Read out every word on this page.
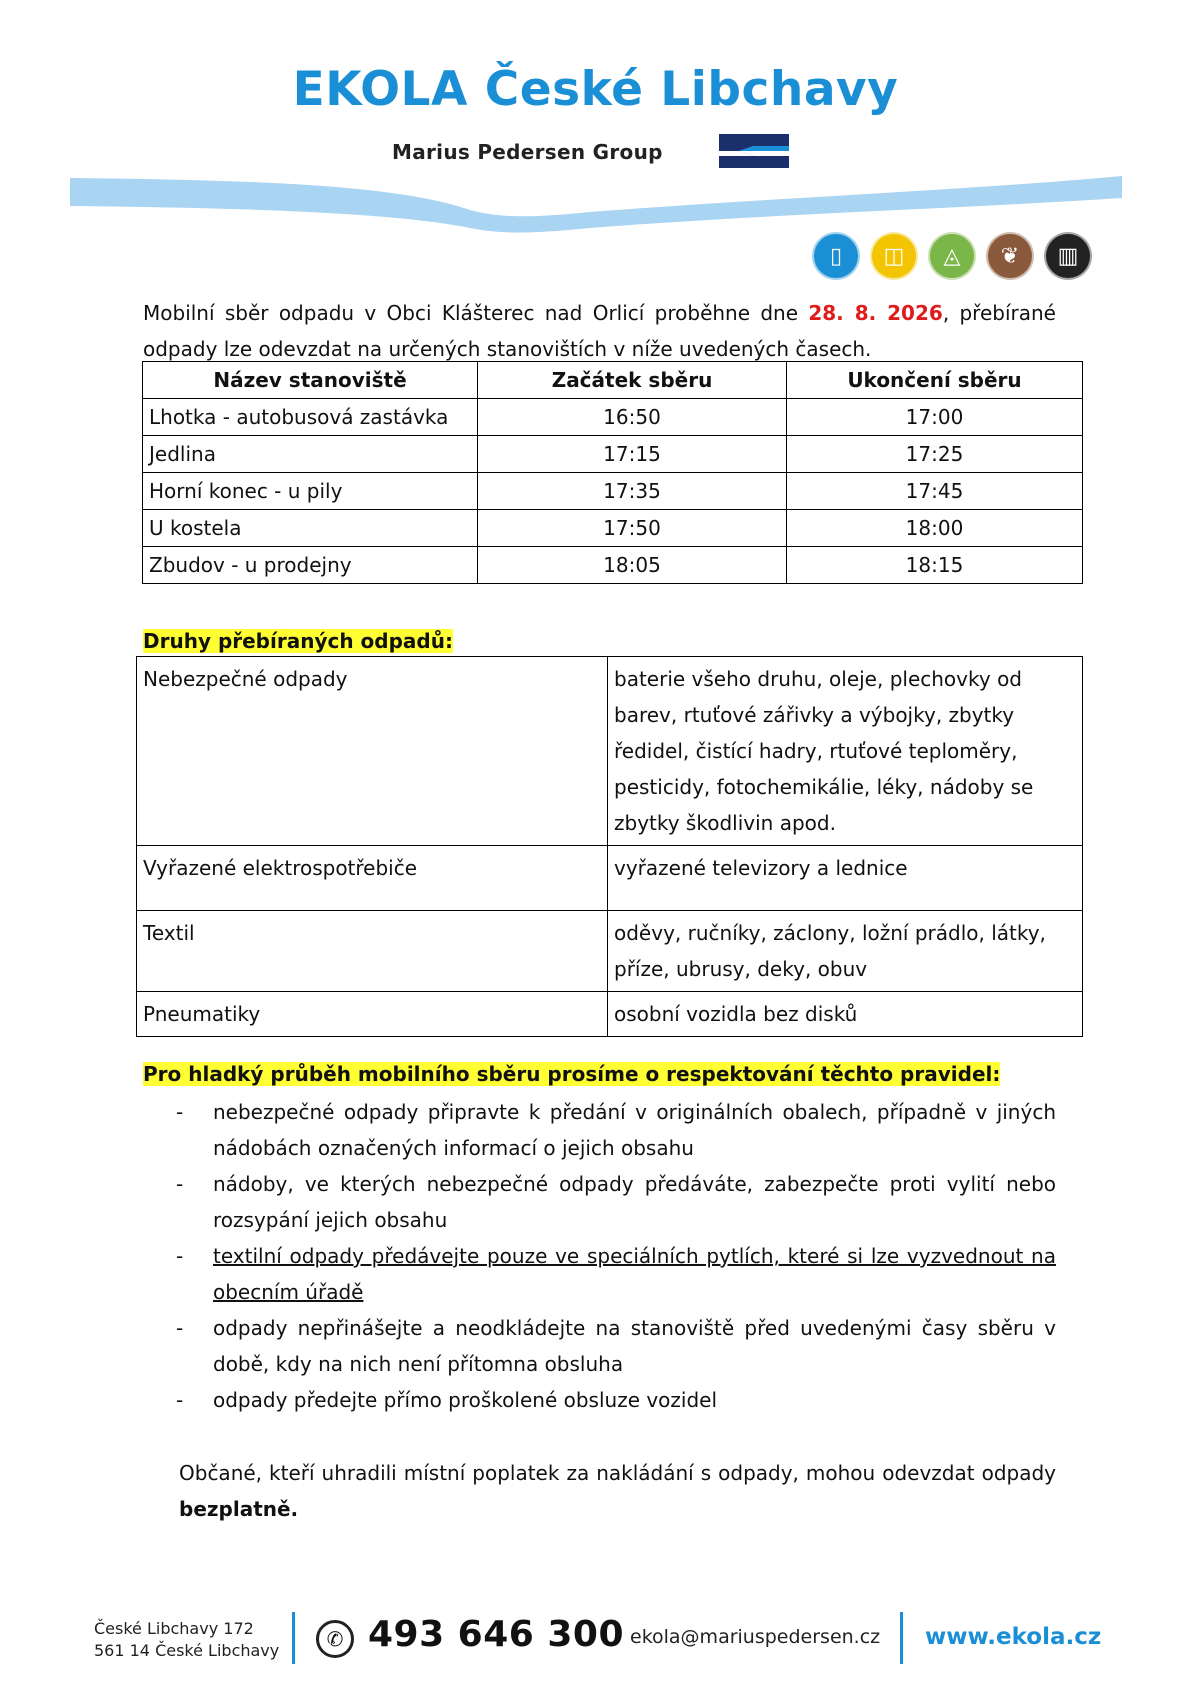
EKOLA České Libchavy
Marius Pedersen Group
▯	◫	◬	❦	▥
Mobilní sběr odpadu v Obci Klášterec nad Orlicí proběhne dne 28. 8. 2026, přebírané odpady lze odevzdat na určených stanovištích v níže uvedených časech.
Název stanoviště	Začátek sběru	Ukončení sběru
Lhotka - autobusová zastávka	16:50	17:00
Jedlina	17:15	17:25
Horní konec - u pily	17:35	17:45
U kostela	17:50	18:00
Zbudov - u prodejny	18:05	18:15
Druhy přebíraných odpadů:
Nebezpečné odpady	baterie všeho druhu, oleje, plechovky od barev, rtuťové zářivky a výbojky, zbytky ředidel, čistící hadry, rtuťové teploměry, pesticidy, fotochemikálie, léky, nádoby se zbytky škodlivin apod.
Vyřazené elektrospotřebiče	vyřazené televizory a lednice
Textil	oděvy, ručníky, záclony, ložní prádlo, látky, příze, ubrusy, deky, obuv
Pneumatiky	osobní vozidla bez disků
Pro hladký průběh mobilního sběru prosíme o respektování těchto pravidel:
-	nebezpečné odpady připravte k předání v originálních obalech, případně v jiných nádobách označených informací o jejich obsahu
-	nádoby, ve kterých nebezpečné odpady předáváte, zabezpečte proti vylití nebo rozsypání jejich obsahu
-	textilní odpady předávejte pouze ve speciálních pytlích, které si lze vyzvednout na obecním úřadě
-	odpady nepřinášejte a neodkládejte na stanoviště před uvedenými časy sběru v době, kdy na nich není přítomna obsluha
-	odpady předejte přímo proškolené obsluze vozidel
Občané, kteří uhradili místní poplatek za nakládání s odpady, mohou odevzdat odpady bezplatně.
České Libchavy 172
561 14 České Libchavy	✆ 493 646 300 ekola@mariuspedersen.cz www.ekola.cz
